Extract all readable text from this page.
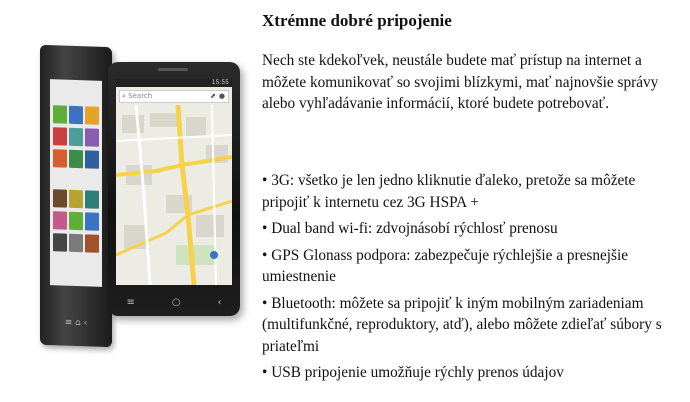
≡ ⌂ ‹
15:55
⌕ Search	⬈ ●
≡	○	‹
Xtrémne dobré pripojenie
Nech ste kdekoľvek, neustále budete mať prístup na internet a môžete komunikovať so svojimi blízkymi, mať najnovšie správy alebo vyhľadávanie informácií, ktoré budete potrebovať.
• 3G: všetko je len jedno kliknutie ďaleko, pretože sa môžete pripojiť k internetu cez 3G HSPA +
• Dual band wi-fi: zdvojnásobí rýchlosť prenosu
• GPS Glonass podpora: zabezpečuje rýchlejšie a presnejšie umiestnenie
• Bluetooth: môžete sa pripojiť k iným mobilným zariadeniam (multifunkčné, reproduktory, atď), alebo môžete zdieľať súbory s priateľmi
• USB pripojenie umožňuje rýchly prenos údajov
